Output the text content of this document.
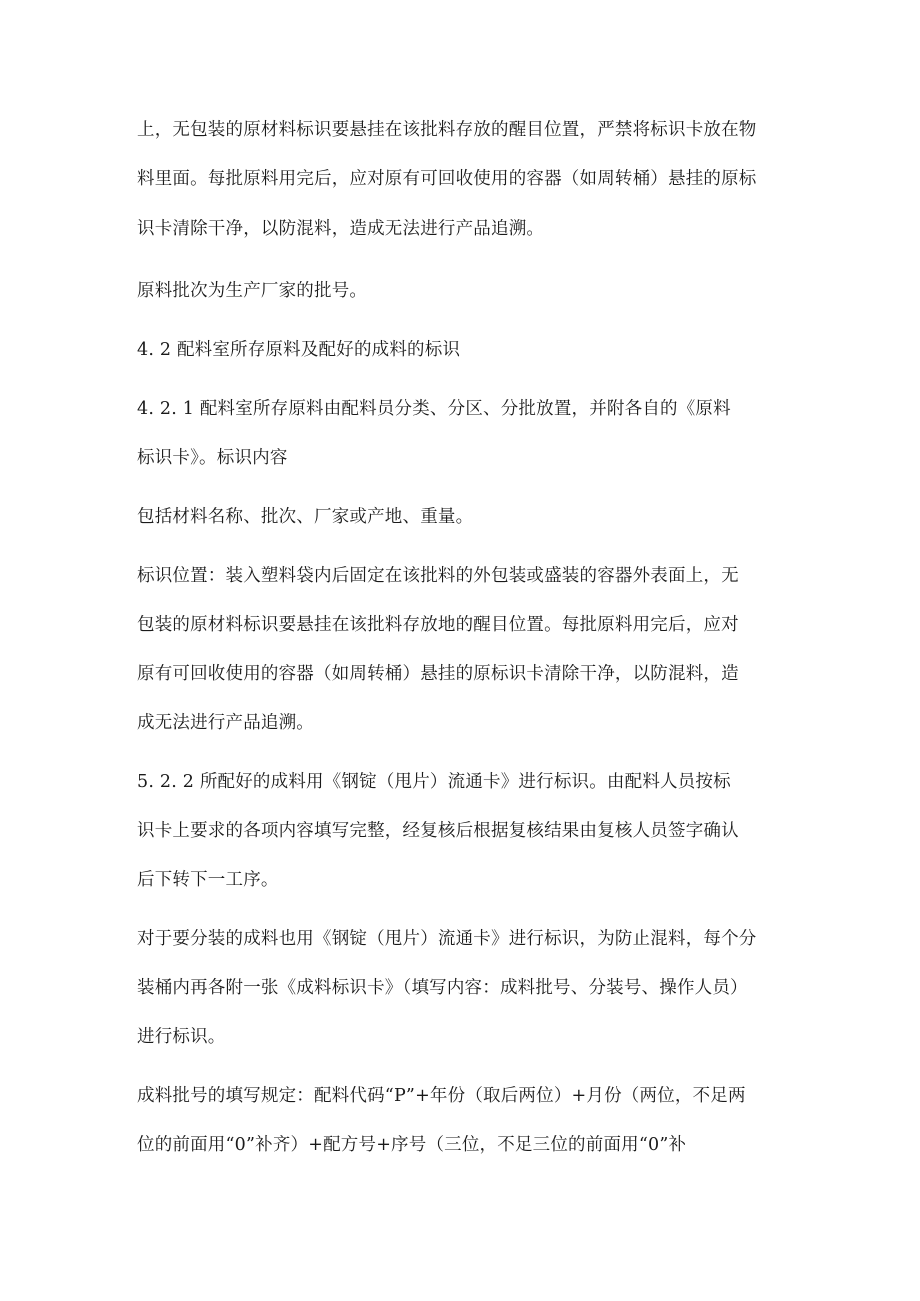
上，无包装的原材料标识要悬挂在该批料存放的醒目位置，严禁将标识卡放在物
料里面。每批原料用完后，应对原有可回收使用的容器（如周转桶）悬挂的原标
识卡清除干净，以防混料，造成无法进行产品追溯。
原料批次为生产厂家的批号。
4. 2 配料室所存原料及配好的成料的标识
4. 2. 1 配料室所存原料由配料员分类、分区、分批放置，并附各自的《原料
标识卡》。标识内容
包括材料名称、批次、厂家或产地、重量。
标识位置：装入塑料袋内后固定在该批料的外包装或盛装的容器外表面上，无
包装的原材料标识要悬挂在该批料存放地的醒目位置。每批原料用完后，应对
原有可回收使用的容器（如周转桶）悬挂的原标识卡清除干净，以防混料，造
成无法进行产品追溯。
5. 2. 2 所配好的成料用《钢锭（甩片）流通卡》进行标识。由配料人员按标
识卡上要求的各项内容填写完整，经复核后根据复核结果由复核人员签字确认
后下转下一工序。
对于要分装的成料也用《钢锭（甩片）流通卡》进行标识，为防止混料，每个分
装桶内再各附一张《成料标识卡》（填写内容：成料批号、分装号、操作人员）
进行标识。
成料批号的填写规定：配料代码“P”+年份（取后两位）+月份（两位，不足两
位的前面用“0”补齐）+配方号+序号（三位，不足三位的前面用“0”补
